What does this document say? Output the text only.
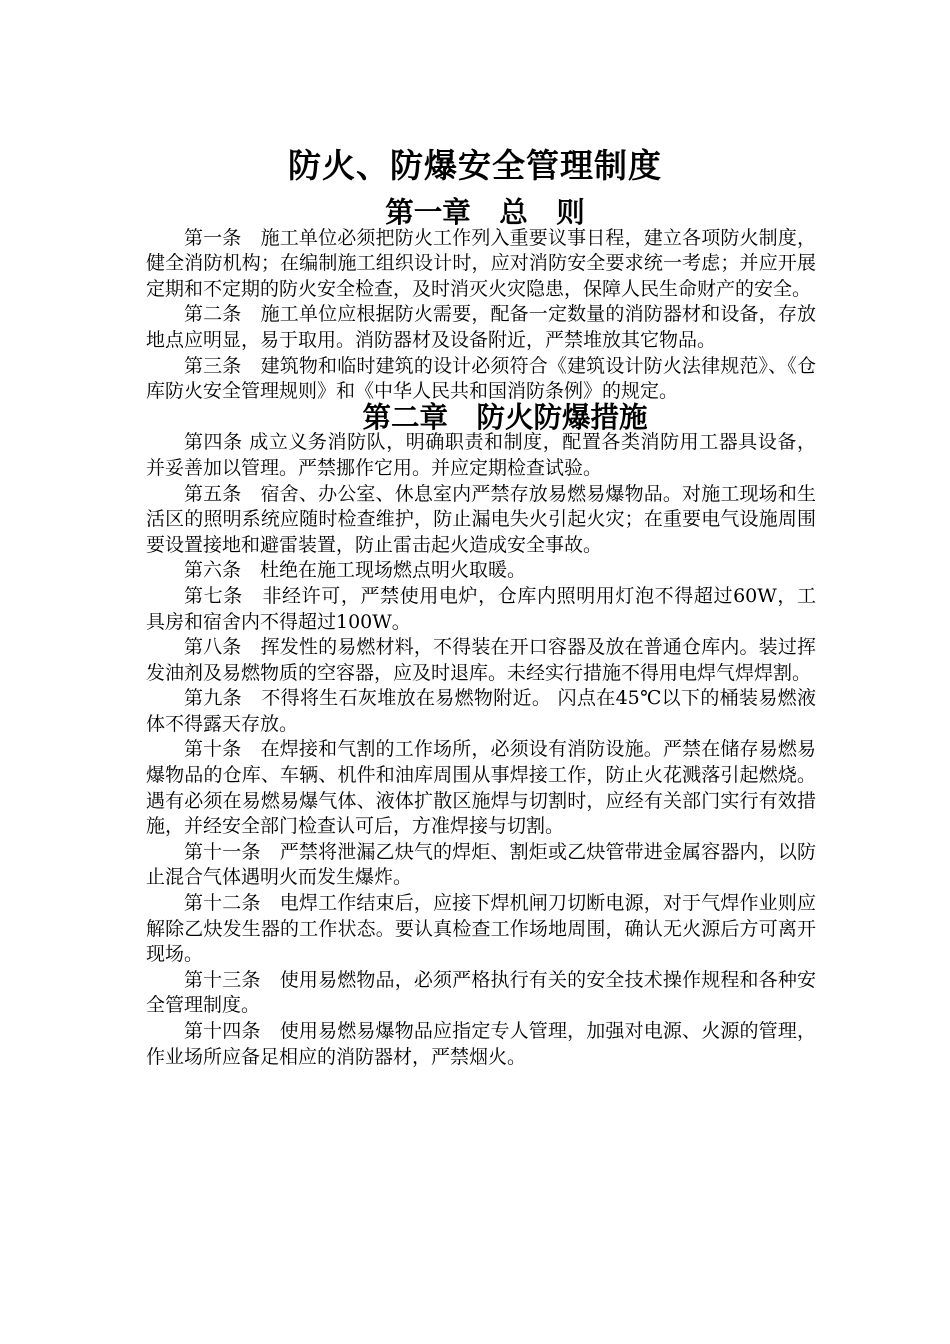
防火、防爆安全管理制度
第一章　总　则

第一条　施工单位必须把防火工作列入重要议事日程，建立各项防火制度，健全消防机构；在编制施工组织设计时，应对消防安全要求统一考虑；并应开展定期和不定期的防火安全检查，及时消灭火灾隐患，保障人民生命财产的安全。

第二条　施工单位应根据防火需要，配备一定数量的消防器材和设备，存放地点应明显，易于取用。消防器材及设备附近，严禁堆放其它物品。

第三条　建筑物和临时建筑的设计必须符合《建筑设计防火法律规范》、《仓库防火安全管理规则》和《中华人民共和国消防条例》的规定。

第二章　防火防爆措施

第四条 成立义务消防队，明确职责和制度，配置各类消防用工器具设备，并妥善加以管理。严禁挪作它用。并应定期检查试验。

第五条　宿舍、办公室、休息室内严禁存放易燃易爆物品。对施工现场和生活区的照明系统应随时检查维护，防止漏电失火引起火灾；在重要电气设施周围要设置接地和避雷装置，防止雷击起火造成安全事故。

第六条　杜绝在施工现场燃点明火取暖。

第七条　非经许可，严禁使用电炉，仓库内照明用灯泡不得超过60W，工具房和宿舍内不得超过100W。

第八条　挥发性的易燃材料，不得装在开口容器及放在普通仓库内。装过挥发油剂及易燃物质的空容器，应及时退库。未经实行措施不得用电焊气焊焊割。

第九条　不得将生石灰堆放在易燃物附近。 闪点在45℃以下的桶装易燃液体不得露天存放。

第十条　在焊接和气割的工作场所，必须设有消防设施。严禁在储存易燃易爆物品的仓库、车辆、机件和油库周围从事焊接工作，防止火花溅落引起燃烧。遇有必须在易燃易爆气体、液体扩散区施焊与切割时，应经有关部门实行有效措施，并经安全部门检查认可后，方准焊接与切割。

第十一条　严禁将泄漏乙炔气的焊炬、割炬或乙炔管带进金属容器内，以防止混合气体遇明火而发生爆炸。

第十二条　电焊工作结束后，应接下焊机闸刀切断电源，对于气焊作业则应解除乙炔发生器的工作状态。要认真检查工作场地周围，确认无火源后方可离开现场。

第十三条　使用易燃物品，必须严格执行有关的安全技术操作规程和各种安全管理制度。

第十四条　使用易燃易爆物品应指定专人管理，加强对电源、火源的管理，作业场所应备足相应的消防器材，严禁烟火。
